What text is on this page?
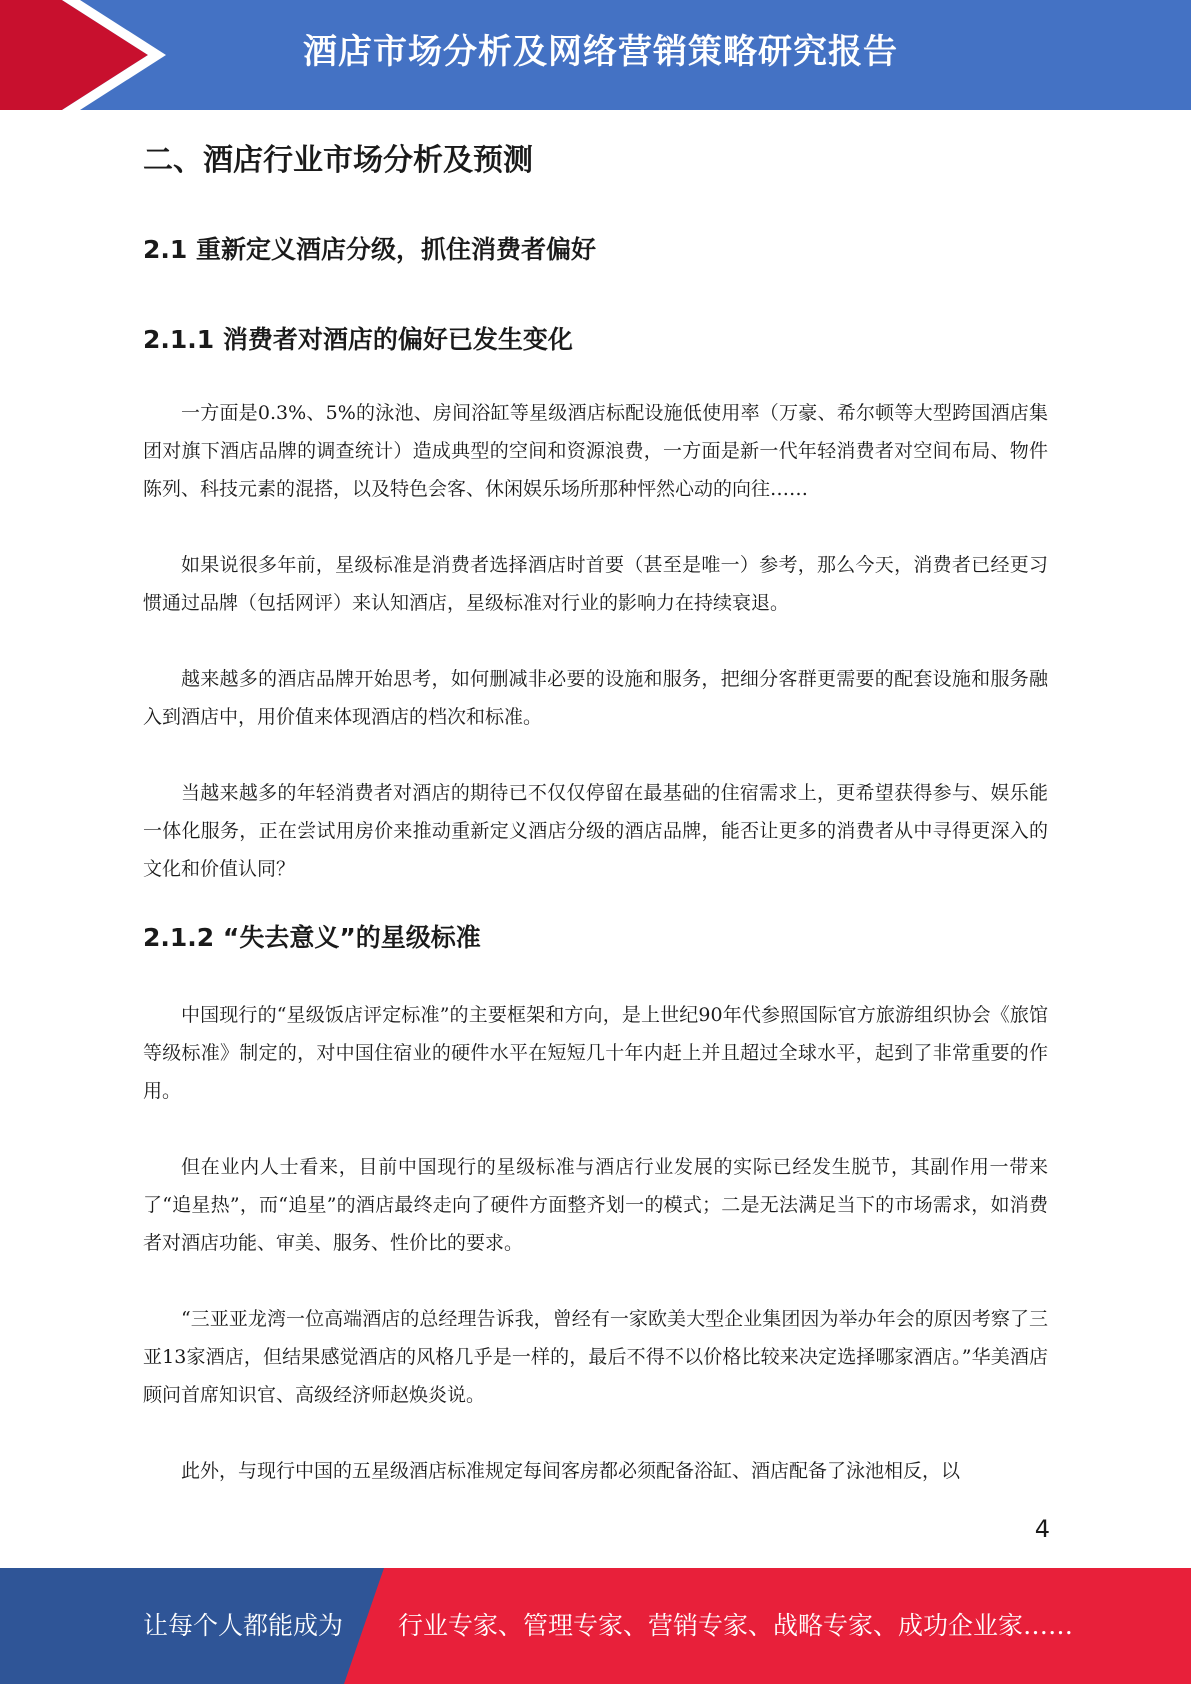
酒店市场分析及网络营销策略研究报告
二、酒店行业市场分析及预测
2.1 重新定义酒店分级，抓住消费者偏好
2.1.1 消费者对酒店的偏好已发生变化

一方面是0.3%、5%的泳池、房间浴缸等星级酒店标配设施低使用率（万豪、希尔顿等大型跨国酒店集团对旗下酒店品牌的调查统计）造成典型的空间和资源浪费，一方面是新一代年轻消费者对空间布局、物件陈列、科技元素的混搭，以及特色会客、休闲娱乐场所那种怦然心动的向往……

如果说很多年前，星级标准是消费者选择酒店时首要（甚至是唯一）参考，那么今天，消费者已经更习惯通过品牌（包括网评）来认知酒店，星级标准对行业的影响力在持续衰退。

越来越多的酒店品牌开始思考，如何删减非必要的设施和服务，把细分客群更需要的配套设施和服务融入到酒店中，用价值来体现酒店的档次和标准。

当越来越多的年轻消费者对酒店的期待已不仅仅停留在最基础的住宿需求上，更希望获得参与、娱乐能一体化服务，正在尝试用房价来推动重新定义酒店分级的酒店品牌，能否让更多的消费者从中寻得更深入的文化和价值认同？

2.1.2 “失去意义”的星级标准

中国现行的“星级饭店评定标准”的主要框架和方向，是上世纪90年代参照国际官方旅游组织协会《旅馆等级标准》制定的，对中国住宿业的硬件水平在短短几十年内赶上并且超过全球水平，起到了非常重要的作用。

但在业内人士看来，目前中国现行的星级标准与酒店行业发展的实际已经发生脱节，其副作用一带来了“追星热”，而“追星”的酒店最终走向了硬件方面整齐划一的模式；二是无法满足当下的市场需求，如消费者对酒店功能、审美、服务、性价比的要求。

“三亚亚龙湾一位高端酒店的总经理告诉我，曾经有一家欧美大型企业集团因为举办年会的原因考察了三亚13家酒店，但结果感觉酒店的风格几乎是一样的，最后不得不以价格比较来决定选择哪家酒店。”华美酒店顾问首席知识官、高级经济师赵焕炎说。

此外，与现行中国的五星级酒店标准规定每间客房都必须配备浴缸、酒店配备了泳池相反，以

4
让每个人都能成为 行业专家、管理专家、营销专家、战略专家、成功企业家……
